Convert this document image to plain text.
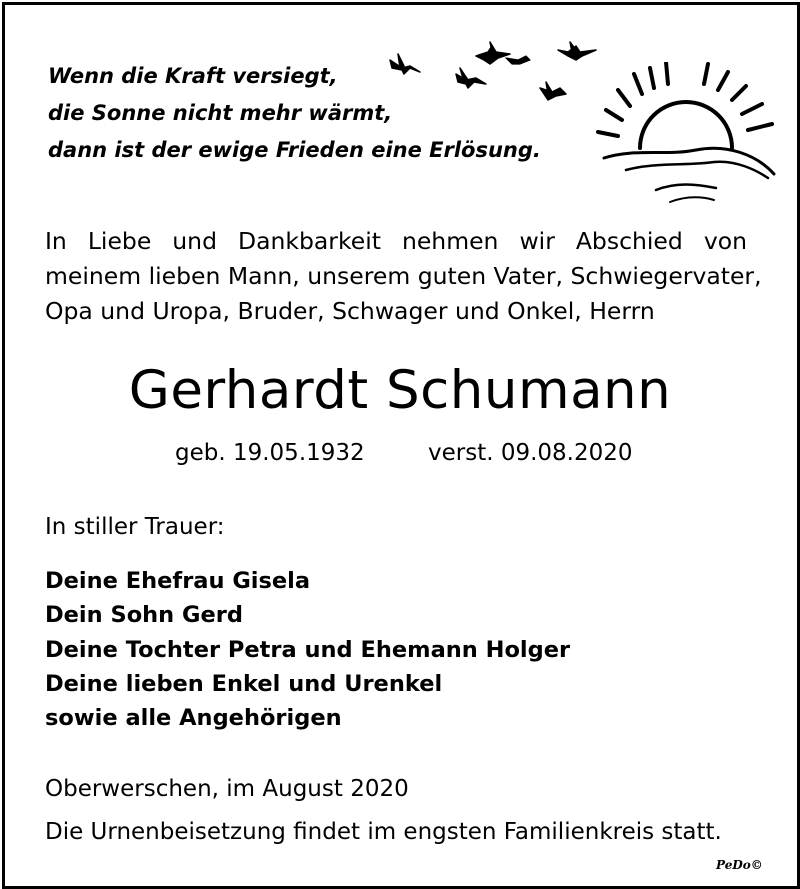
Wenn die Kraft versiegt,
die Sonne nicht mehr wärmt,
dann ist der ewige Frieden eine Erlösung.
In Liebe und Dankbarkeit nehmen wir Abschied von
meinem lieben Mann, unserem guten Vater, Schwiegervater,
Opa und Uropa, Bruder, Schwager und Onkel, Herrn
Gerhardt Schumann
geb. 19.05.1932	verst. 09.08.2020
In stiller Trauer:
Deine Ehefrau Gisela
Dein Sohn Gerd
Deine Tochter Petra und Ehemann Holger
Deine lieben Enkel und Urenkel
sowie alle Angehörigen
Oberwerschen, im August 2020
Die Urnenbeisetzung findet im engsten Familienkreis statt.
PeDo©
